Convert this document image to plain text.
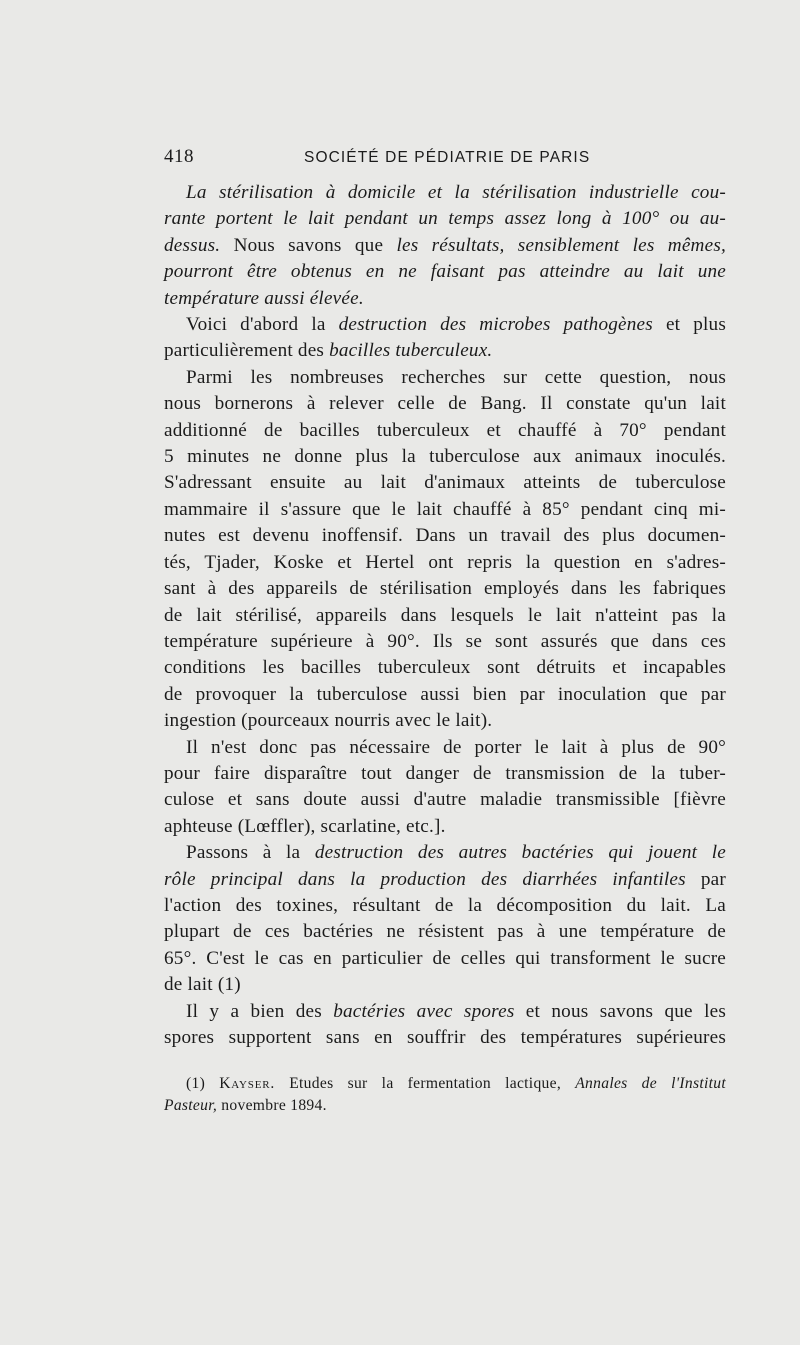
418	SOCIÉTÉ DE PÉDIATRIE DE PARIS
La stérilisation à domicile et la stérilisation industrielle cou-
rante portent le lait pendant un temps assez long à 100° ou au-
dessus. Nous savons que les résultats, sensiblement les mêmes,
pourront être obtenus en ne faisant pas atteindre au lait une
température aussi élevée.
Voici d'abord la destruction des microbes pathogènes et plus
particulièrement des bacilles tuberculeux.
Parmi les nombreuses recherches sur cette question, nous
nous bornerons à relever celle de Bang. Il constate qu'un lait
additionné de bacilles tuberculeux et chauffé à 70° pendant
5 minutes ne donne plus la tuberculose aux animaux inoculés.
S'adressant ensuite au lait d'animaux atteints de tuberculose
mammaire il s'assure que le lait chauffé à 85° pendant cinq mi-
nutes est devenu inoffensif. Dans un travail des plus documen-
tés, Tjader, Koske et Hertel ont repris la question en s'adres-
sant à des appareils de stérilisation employés dans les fabriques
de lait stérilisé, appareils dans lesquels le lait n'atteint pas la
température supérieure à 90°. Ils se sont assurés que dans ces
conditions les bacilles tuberculeux sont détruits et incapables
de provoquer la tuberculose aussi bien par inoculation que par
ingestion (pourceaux nourris avec le lait).
Il n'est donc pas nécessaire de porter le lait à plus de 90°
pour faire disparaître tout danger de transmission de la tuber-
culose et sans doute aussi d'autre maladie transmissible [fièvre
aphteuse (Lœffler), scarlatine, etc.].
Passons à la destruction des autres bactéries qui jouent le
rôle principal dans la production des diarrhées infantiles par
l'action des toxines, résultant de la décomposition du lait. La
plupart de ces bactéries ne résistent pas à une température de
65°. C'est le cas en particulier de celles qui transforment le sucre
de lait (1)
Il y a bien des bactéries avec spores et nous savons que les
spores supportent sans en souffrir des températures supérieures
(1) Kayser. Etudes sur la fermentation lactique, Annales de l'Institut
Pasteur, novembre 1894.
